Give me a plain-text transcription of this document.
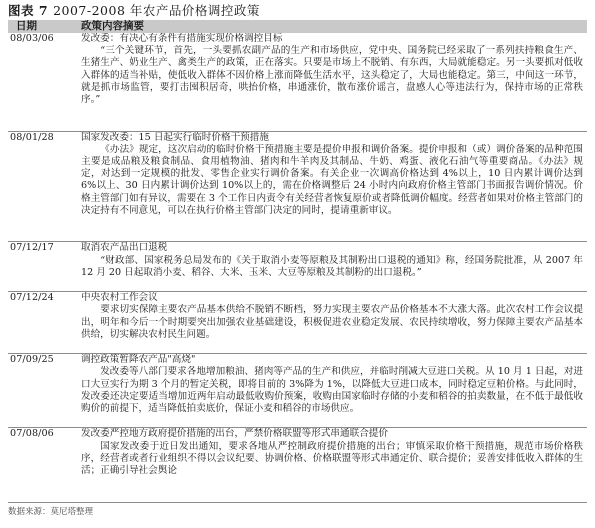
图表 7 2007-2008 年农产品价格调控政策
日期	政策内容摘要
08/03/06	发改委：有决心有条件有措施实现价格调控目标
“三个关键环节，首先，一头要抓农副产品的生产和市场供应，党中央、国务院已经采取了一系列扶持粮食生产、生猪生产、奶业生产、禽类生产的政策，正在落实。只要是市场上不脱销、有东西，大局就能稳定。另一头要抓对低收入群体的适当补贴，使低收入群体不因价格上涨而降低生活水平，这头稳定了，大局也能稳定。第三，中间这一环节，就是抓市场监管，要打击囤积居奇，哄抬价格，串通涨价，散布涨价谣言，盘感人心等违法行为，保持市场的正常秩序。”

08/01/28	国家发改委：15 日起实行临时价格干预措施
《办法》规定，这次启动的临时价格干预措施主要是提价申报和调价备案。提价申报和（或）调价备案的品种范围主要是成品粮及粮食制品、食用植物油、猪肉和牛羊肉及其制品、牛奶、鸡蛋、液化石油气等重要商品。《办法》规定，对达到一定规模的批发、零售企业实行调价备案。有关企业一次调高价格达到 4%以上，10 日内累计调价达到 6%以上、30 日内累计调价达到 10%以上的，需在价格调整后 24 小时内向政府价格主管部门书面报告调价情况。价格主管部门如有异议，需要在 3 个工作日内责令有关经营者恢复原价或者降低调价幅度。经营者如果对价格主管部门的决定持有不同意见，可以在执行价格主管部门决定的同时，提请重新审议。

07/12/17	取消农产品出口退税
“财政部、国家税务总局发布的《关于取消小麦等原粮及其制粉出口退税的通知》称，经国务院批准，从 2007 年 12 月 20 日起取消小麦、稻谷、大米、玉米、大豆等原粮及其制粉的出口退税。”

07/12/24	中央农村工作会议
要求切实保障主要农产品基本供给不脱销不断档，努力实现主要农产品价格基本不大涨大落。此次农村工作会议提出，明年和今后一个时期要突出加强农业基础建设，积极促进农业稳定发展、农民持续增收，努力保障主要农产品基本供给，切实解决农村民生问题。

07/09/25	调控政策暂降农产品"高烧"
发改委等八部门要求各地增加粮油、猪肉等产品的生产和供应，并临时削减大豆进口关税。从 10 月 1 日起，对进口大豆实行为期 3 个月的暂定关税，即将目前的 3%降为 1%，以降低大豆进口成本，同时稳定豆粕价格。与此同时，发改委还决定要适当增加近两年启动最低收购价预案，收购由国家临时存储的小麦和稻谷的拍卖数量，在不低于最低收购价的前提下，适当降低拍卖底价，保证小麦和稻谷的市场供应。

07/08/06	发改委严控地方政府提价措施的出台，严禁价格联盟等形式串通联合提价
国家发改委于近日发出通知，要求各地从严控制政府提价措施的出台；审慎采取价格干预措施，规范市场价格秩序，经营者或者行业组织不得以会议纪要、协调价格、价格联盟等形式串通定价、联合提价；妥善安排低收入群体的生活；正确引导社会舆论
数据来源：莫尼塔整理
